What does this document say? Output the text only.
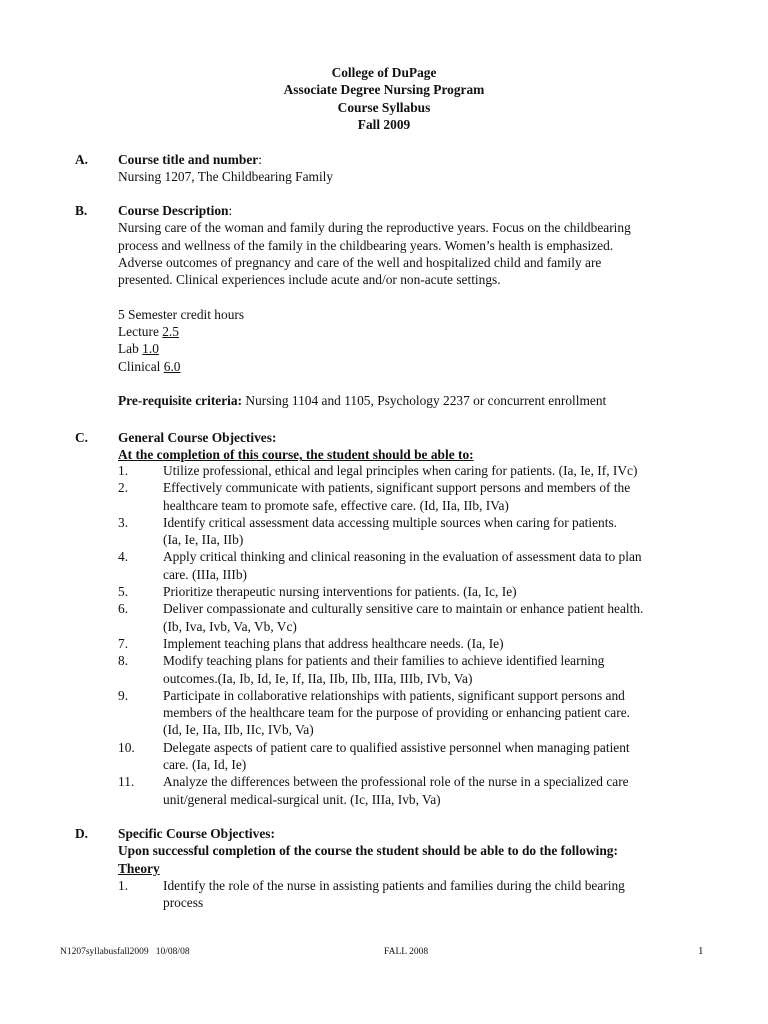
College of DuPage
Associate Degree Nursing Program
Course Syllabus
Fall 2009
A. Course title and number:
Nursing 1207, The Childbearing Family
B. Course Description:
Nursing care of the woman and family during the reproductive years. Focus on the childbearing
process and wellness of the family in the childbearing years. Women’s health is emphasized.
Adverse outcomes of pregnancy and care of the well and hospitalized child and family are
presented. Clinical experiences include acute and/or non-acute settings.
5 Semester credit hours
Lecture 2.5
Lab 1.0
Clinical 6.0
Pre-requisite criteria: Nursing 1104 and 1105, Psychology 2237 or concurrent enrollment
C. General Course Objectives:
At the completion of this course, the student should be able to:
1.	Utilize professional, ethical and legal principles when caring for patients. (Ia, Ie, If, IVc)
2.	Effectively communicate with patients, significant support persons and members of the
healthcare team to promote safe, effective care. (Id, IIa, IIb, IVa)
3.	Identify critical assessment data accessing multiple sources when caring for patients.
(Ia, Ie, IIa, IIb)
4.	Apply critical thinking and clinical reasoning in the evaluation of assessment data to plan
care. (IIIa, IIIb)
5.	Prioritize therapeutic nursing interventions for patients. (Ia, Ic, Ie)
6.	Deliver compassionate and culturally sensitive care to maintain or enhance patient health.
(Ib, Iva, Ivb, Va, Vb, Vc)
7.	Implement teaching plans that address healthcare needs. (Ia, Ie)
8.	Modify teaching plans for patients and their families to achieve identified learning
outcomes.(Ia, Ib, Id, Ie, If, IIa, IIb, IIb, IIIa, IIIb, IVb, Va)
9.	Participate in collaborative relationships with patients, significant support persons and
members of the healthcare team for the purpose of providing or enhancing patient care.
(Id, Ie, IIa, IIb, IIc, IVb, Va)
10. Delegate aspects of patient care to qualified assistive personnel when managing patient
care. (Ia, Id, Ie)
11. Analyze the differences between the professional role of the nurse in a specialized care
unit/general medical-surgical unit. (Ic, IIIa, Ivb, Va)
D. Specific Course Objectives:
Upon successful completion of the course the student should be able to do the following:
Theory
1.	Identify the role of the nurse in assisting patients and families during the child bearing
process
N1207syllabusfall2009   10/08/08	FALL 2008	1
